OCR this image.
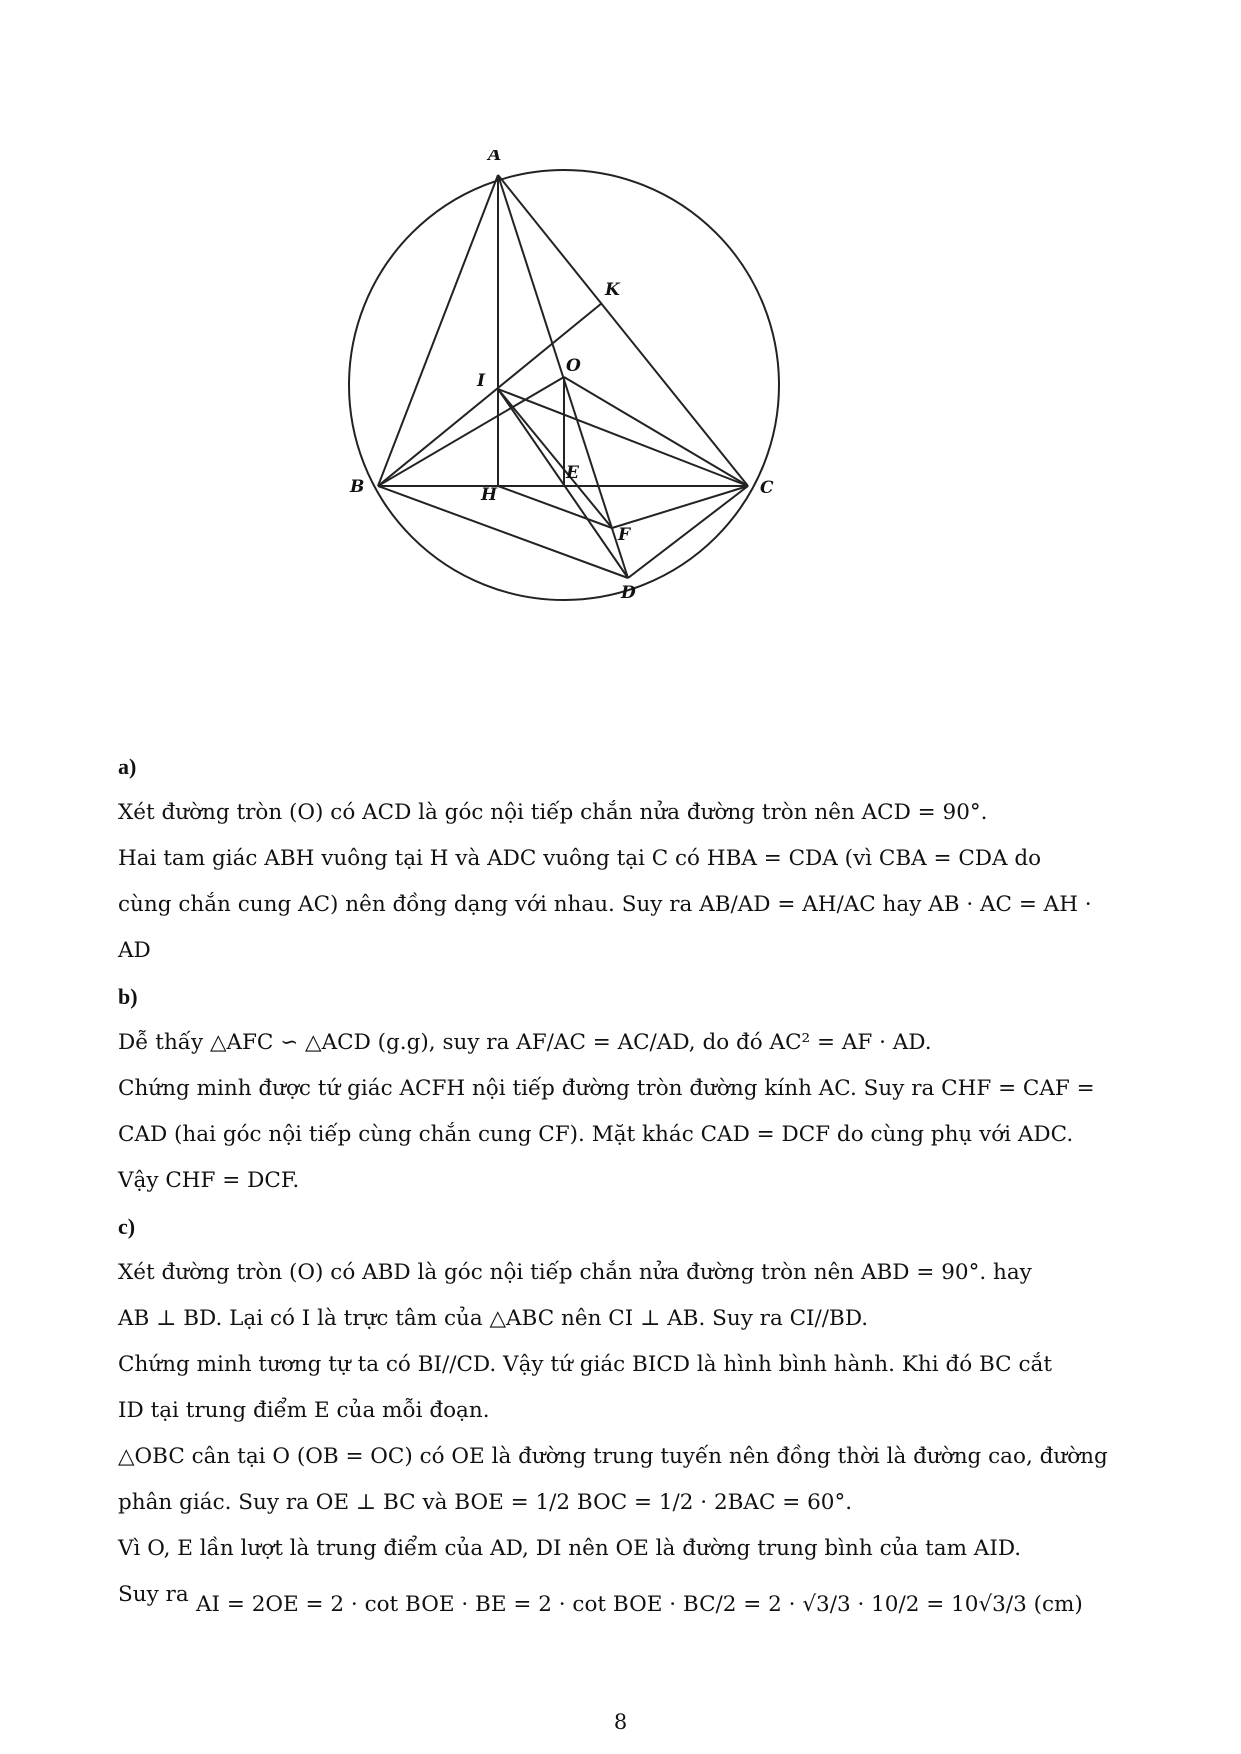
A
K
O
I
E
B	H	C
F
D

a)

Xét đường tròn (O) có ACD là góc nội tiếp chắn nửa đường tròn nên ACD = 90°.

Hai tam giác ABH vuông tại H và ADC vuông tại C có HBA = CDA (vì CBA = CDA do

cùng chắn cung AC) nên đồng dạng với nhau. Suy ra AB/AD = AH/AC hay AB · AC = AH · AD

b)

Dễ thấy △AFC ∽ △ACD (g.g), suy ra AF/AC = AC/AD, do đó AC² = AF · AD.

Chứng minh được tứ giác ACFH nội tiếp đường tròn đường kính AC. Suy ra CHF = CAF =

CAD (hai góc nội tiếp cùng chắn cung CF). Mặt khác CAD = DCF do cùng phụ với ADC.

Vậy CHF = DCF.

c)

Xét đường tròn (O) có ABD là góc nội tiếp chắn nửa đường tròn nên ABD = 90°. hay

AB ⊥ BD. Lại có I là trực tâm của △ABC nên CI ⊥ AB. Suy ra CI//BD.

Chứng minh tương tự ta có BI//CD. Vậy tứ giác BICD là hình bình hành. Khi đó BC cắt

ID tại trung điểm E của mỗi đoạn.

△OBC cân tại O (OB = OC) có OE là đường trung tuyến nên đồng thời là đường cao, đường

phân giác. Suy ra OE ⊥ BC và BOE = 1/2 BOC = 1/2 · 2BAC = 60°.

Vì O, E lần lượt là trung điểm của AD, DI nên OE là đường trung bình của tam AID.

Suy ra AI = 2OE = 2 · cot BOE · BE = 2 · cot BOE · BC/2 = 2 · √3/3 · 10/2 = 10√3/3 (cm)
8
